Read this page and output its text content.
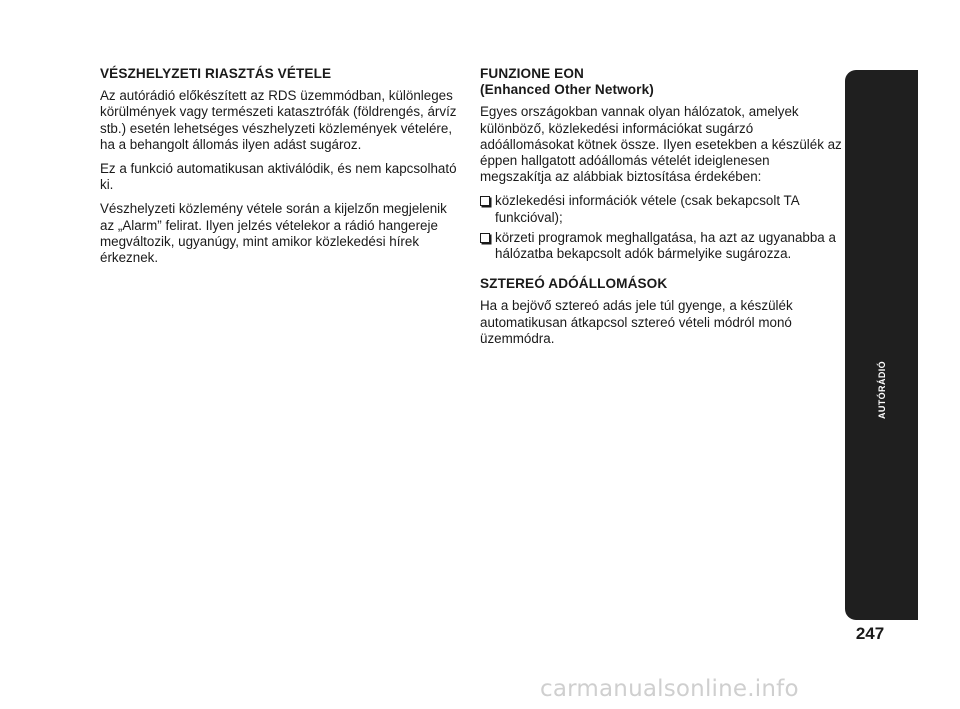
VÉSZHELYZETI RIASZTÁS VÉTELE

Az autórádió előkészített az RDS üzemmódban, különleges körülmények vagy természeti katasztrófák (földrengés, árvíz stb.) esetén lehetséges vészhelyzeti közlemények vételére, ha a behangolt állomás ilyen adást sugároz.

Ez a funkció automatikusan aktiválódik, és nem kapcsolható ki.

Vészhelyzeti közlemény vétele során a kijelzőn megjelenik az „Alarm” felirat. Ilyen jelzés vételekor a rádió hangereje megváltozik, ugyanúgy, mint amikor közlekedési hírek érkeznek.

FUNZIONE EON
(Enhanced Other Network)

Egyes országokban vannak olyan hálózatok, amelyek különböző, közlekedési információkat sugárzó adóállomásokat kötnek össze. Ilyen esetekben a készülék az éppen hallgatott adóállomás vételét ideiglenesen megszakítja az alábbiak biztosítása érdekében:

közlekedési információk vétele (csak bekapcsolt TA funkcióval);
körzeti programok meghallgatása, ha azt az ugyanabba a hálózatba bekapcsolt adók bármelyike sugározza.
SZTEREÓ ADÓÁLLOMÁSOK

Ha a bejövő sztereó adás jele túl gyenge, a készülék automatikusan átkapcsol sztereó vételi módról monó üzemmódra.

AUTÓRÁDIÓ
247
carmanualsonline.info
